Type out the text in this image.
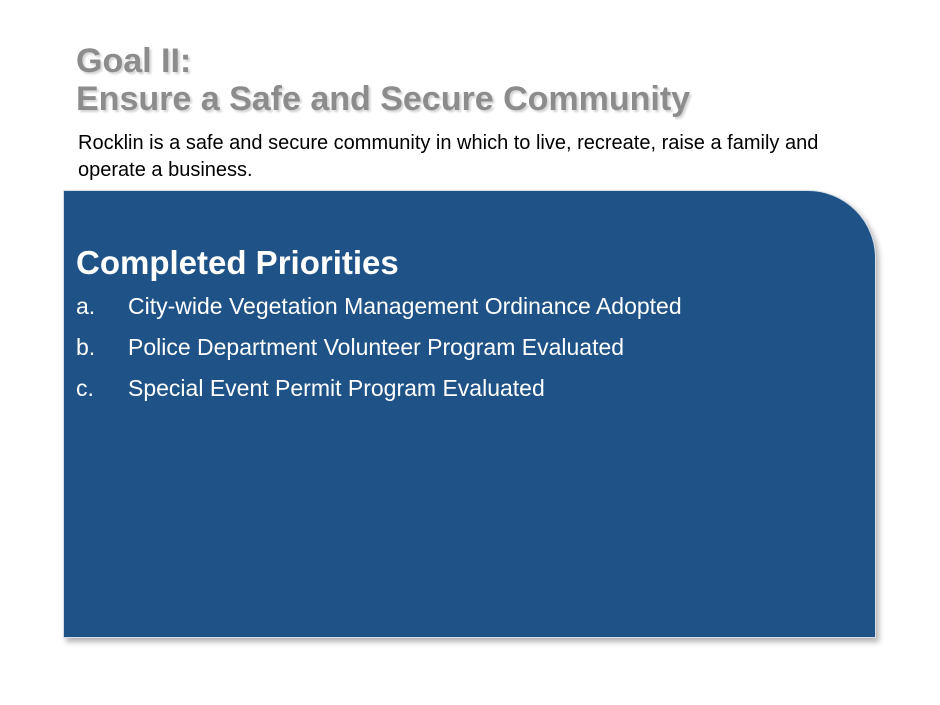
Goal II:
Ensure a Safe and Secure Community

Rocklin is a safe and secure community in which to live, recreate, raise a family and operate a business.

Completed Priorities
a.	City-wide Vegetation Management Ordinance Adopted
b.	Police Department Volunteer Program Evaluated
c.	Special Event Permit Program Evaluated
